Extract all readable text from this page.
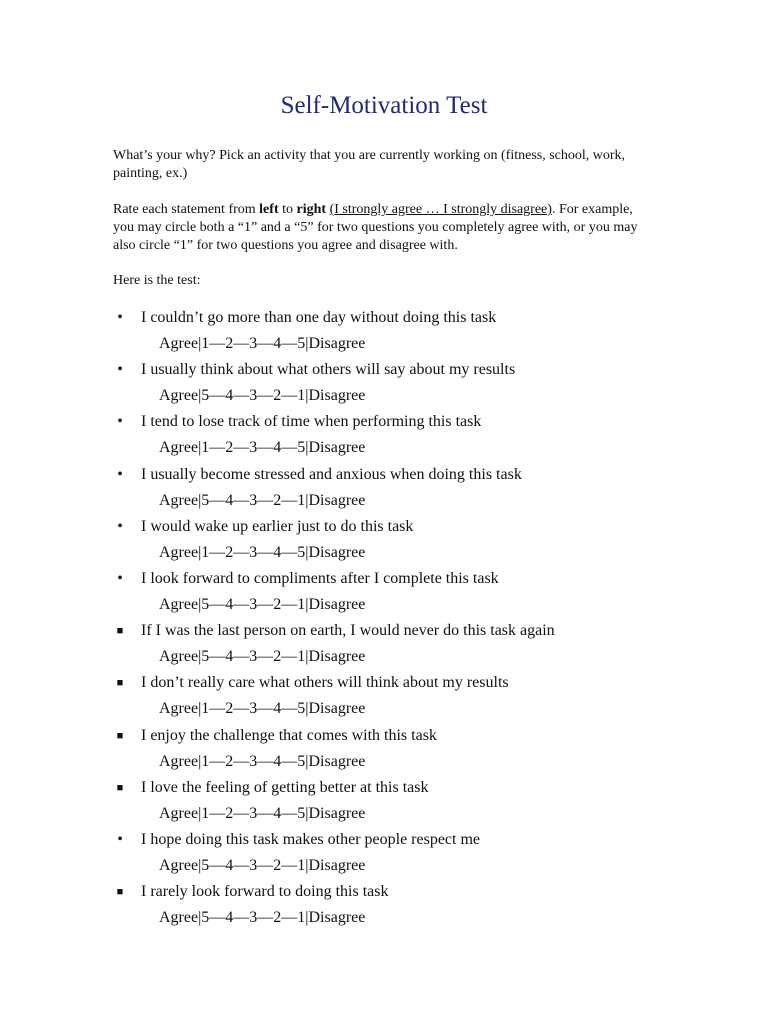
Self-Motivation Test

What’s your why? Pick an activity that you are currently working on (fitness, school, work, painting, ex.)

Rate each statement from left to right (I strongly agree … I strongly disagree). For example, you may circle both a “1” and a “5” for two questions you completely agree with, or you may also circle “1” for two questions you agree and disagree with.

Here is the test:

• I couldn’t go more than one day without doing this task
Agree|1—2—3—4—5|Disagree
• I usually think about what others will say about my results
Agree|5—4—3—2—1|Disagree
• I tend to lose track of time when performing this task
Agree|1—2—3—4—5|Disagree
• I usually become stressed and anxious when doing this task
Agree|5—4—3—2—1|Disagree
• I would wake up earlier just to do this task
Agree|1—2—3—4—5|Disagree
• I look forward to compliments after I complete this task
Agree|5—4—3—2—1|Disagree
■ If I was the last person on earth, I would never do this task again
Agree|5—4—3—2—1|Disagree
■ I don’t really care what others will think about my results
Agree|1—2—3—4—5|Disagree
■ I enjoy the challenge that comes with this task
Agree|1—2—3—4—5|Disagree
■ I love the feeling of getting better at this task
Agree|1—2—3—4—5|Disagree
• I hope doing this task makes other people respect me
Agree|5—4—3—2—1|Disagree
■ I rarely look forward to doing this task
Agree|5—4—3—2—1|Disagree
